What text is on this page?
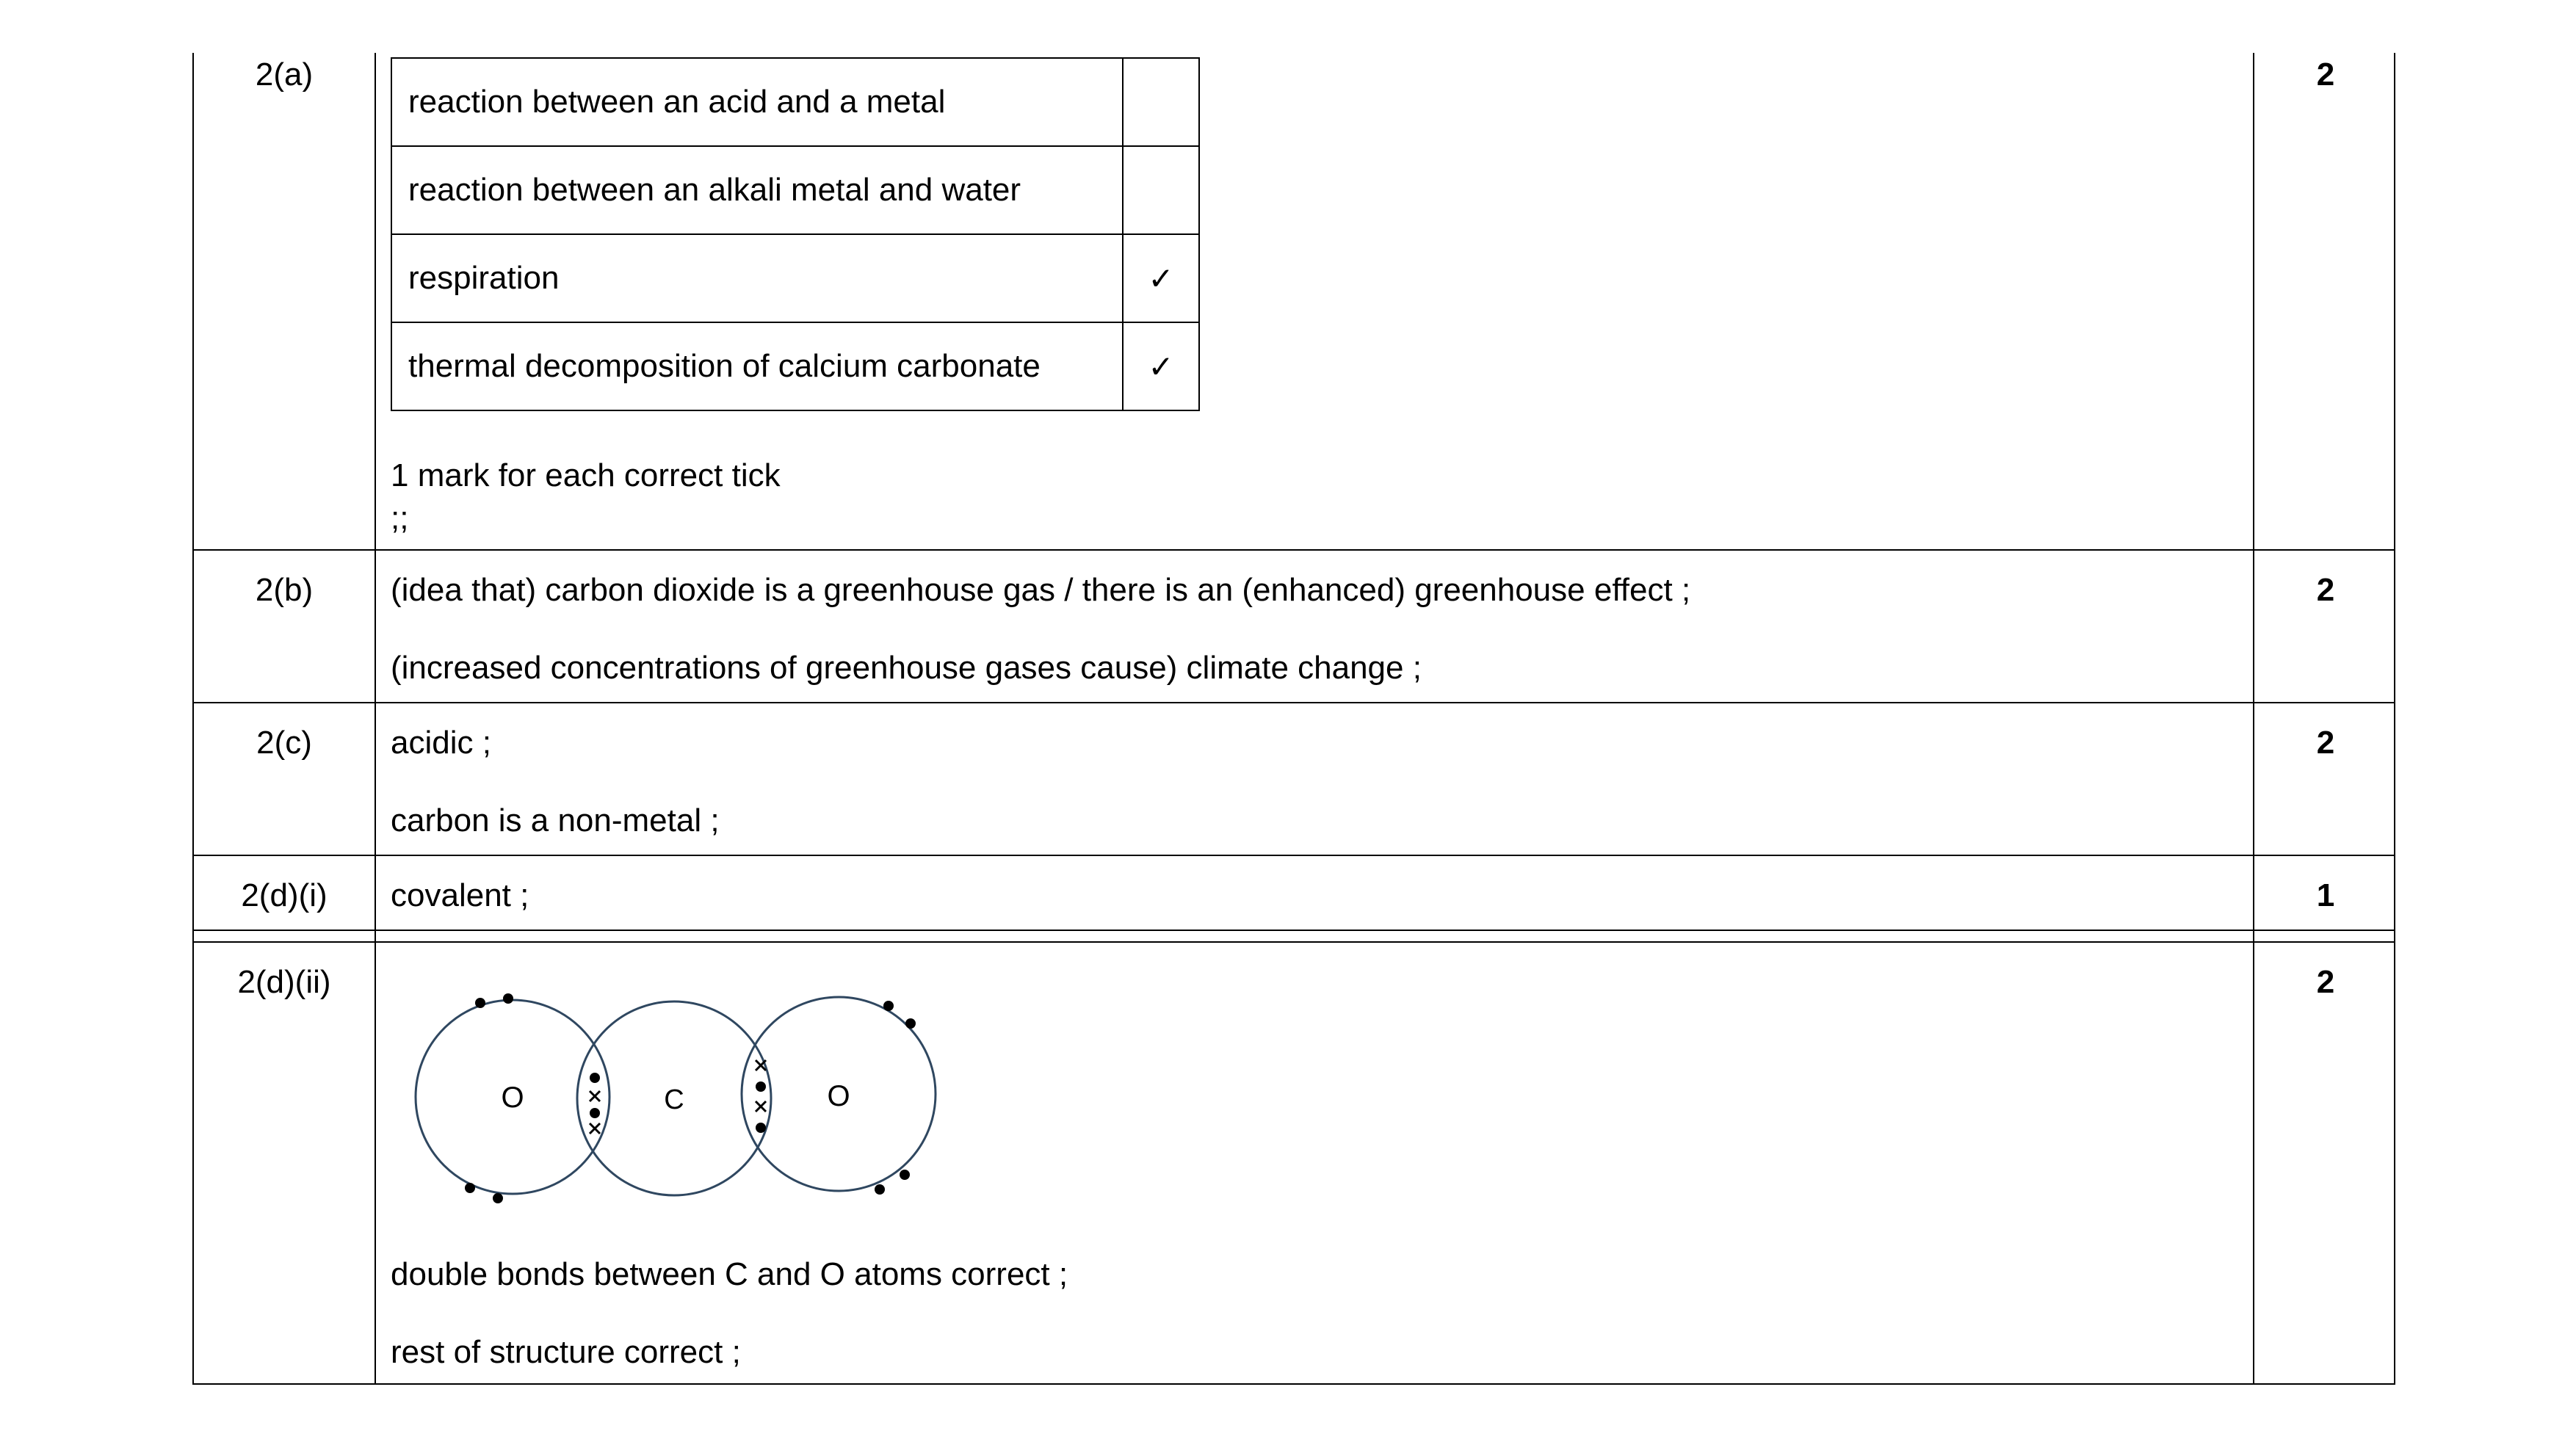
2(a)	2
reaction between an acid and a metal	
reaction between an alkali metal and water	
respiration	✓
thermal decomposition of calcium carbonate	✓
1 mark for each correct tick
;;
2(b)	2
(idea that) carbon dioxide is a greenhouse gas / there is an (enhanced) greenhouse effect ;
(increased concentrations of greenhouse gases cause) climate change ;
2(c)	2
acidic ;
carbon is a non-metal ;
2(d)(i)	1
covalent ;
2(d)(ii)	2
O	C	O
double bonds between C and O atoms correct ;
rest of structure correct ;
